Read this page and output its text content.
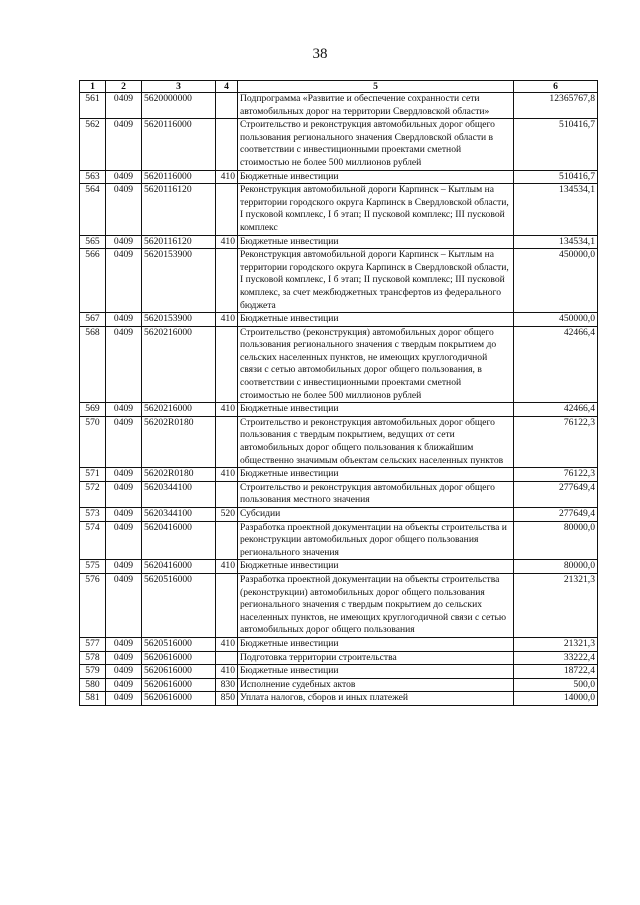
38
1	2	3	4	5	6
561	0409	5620000000		Подпрограмма «Развитие и обеспечение сохранности сети автомобильных дорог на территории Свердловской области»	12365767,8
562	0409	5620116000		Строительство и реконструкция автомобильных дорог общего пользования регионального значения Свердловской области в соответствии с инвестиционными проектами сметной стоимостью не более 500 миллионов рублей	510416,7
563	0409	5620116000	410	Бюджетные инвестиции	510416,7
564	0409	5620116120		Реконструкция автомобильной дороги Карпинск – Кытлым на территории городского округа Карпинск в Свердловской области, I пусковой комплекс, I б этап; II пусковой комплекс; III пусковой комплекс	134534,1
565	0409	5620116120	410	Бюджетные инвестиции	134534,1
566	0409	5620153900		Реконструкция автомобильной дороги Карпинск – Кытлым на территории городского округа Карпинск в Свердловской области, I пусковой комплекс, I б этап; II пусковой комплекс; III пусковой комплекс, за счет межбюджетных трансфертов из федерального бюджета	450000,0
567	0409	5620153900	410	Бюджетные инвестиции	450000,0
568	0409	5620216000		Строительство (реконструкция) автомобильных дорог общего пользования регионального значения с твердым покрытием до сельских населенных пунктов, не имеющих круглогодичной связи с сетью автомобильных дорог общего пользования, в соответствии с инвестиционными проектами сметной стоимостью не более 500 миллионов рублей	42466,4
569	0409	5620216000	410	Бюджетные инвестиции	42466,4
570	0409	56202R0180		Строительство и реконструкция автомобильных дорог общего пользования с твердым покрытием, ведущих от сети автомобильных дорог общего пользования к ближайшим общественно значимым объектам сельских населенных пунктов	76122,3
571	0409	56202R0180	410	Бюджетные инвестиции	76122,3
572	0409	5620344100		Строительство и реконструкция автомобильных дорог общего пользования местного значения	277649,4
573	0409	5620344100	520	Субсидии	277649,4
574	0409	5620416000		Разработка проектной документации на объекты строительства и реконструкции автомобильных дорог общего пользования регионального значения	80000,0
575	0409	5620416000	410	Бюджетные инвестиции	80000,0
576	0409	5620516000		Разработка проектной документации на объекты строительства (реконструкции) автомобильных дорог общего пользования регионального значения с твердым покрытием до сельских населенных пунктов, не имеющих круглогодичной связи с сетью автомобильных дорог общего пользования	21321,3
577	0409	5620516000	410	Бюджетные инвестиции	21321,3
578	0409	5620616000		Подготовка территории строительства	33222,4
579	0409	5620616000	410	Бюджетные инвестиции	18722,4
580	0409	5620616000	830	Исполнение судебных актов	500,0
581	0409	5620616000	850	Уплата налогов, сборов и иных платежей	14000,0
